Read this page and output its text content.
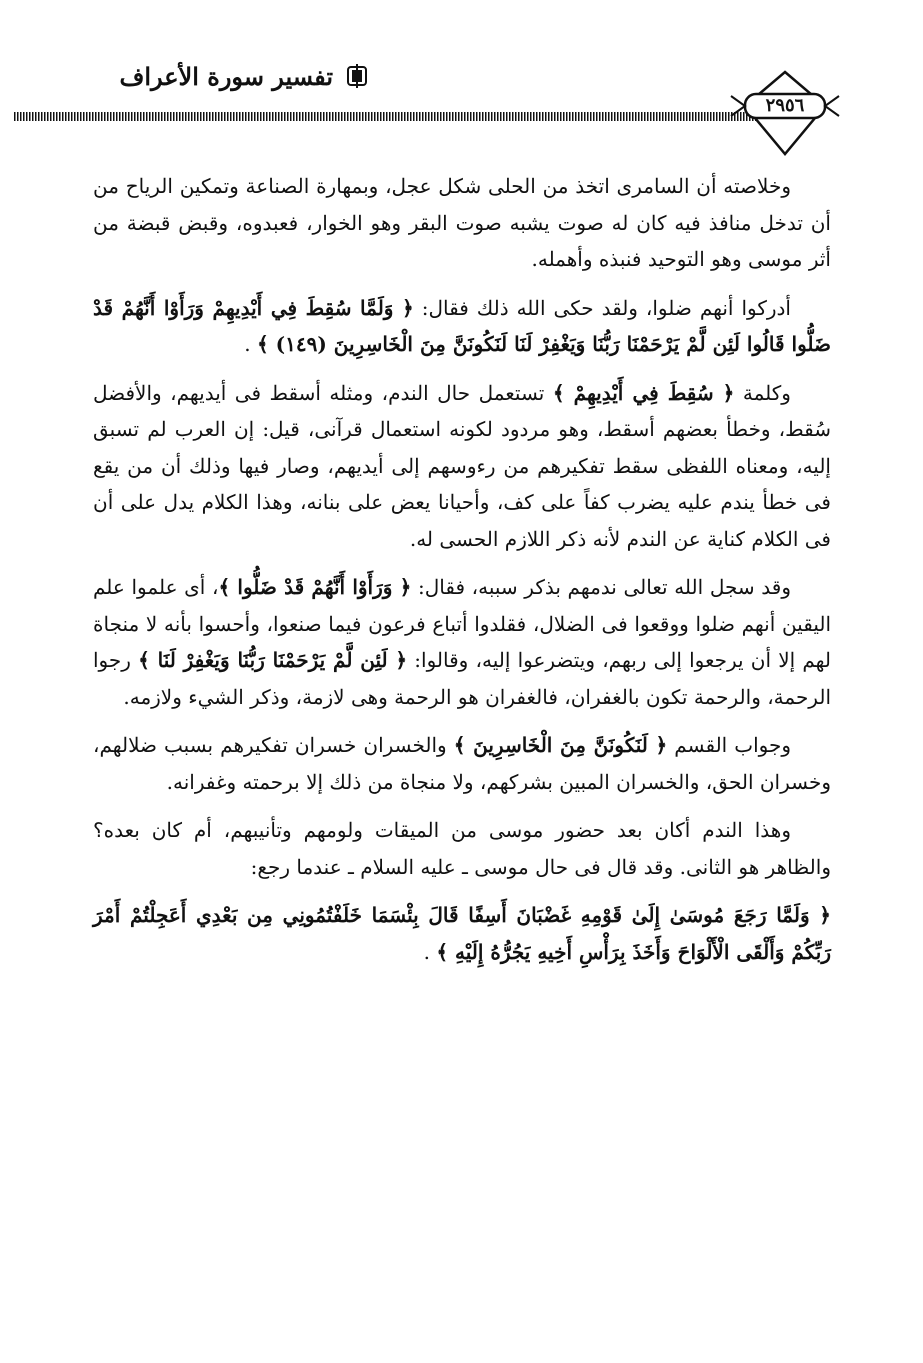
تفسير سورة الأعراف
٢٩٥٦

وخلاصته أن السامرى اتخذ من الحلى شكل عجل، وبمهارة الصناعة وتمكين الرياح من أن تدخل منافذ فيه كان له صوت يشبه صوت البقر وهو الخوار، فعبدوه، وقبض قبضة من أثر موسى وهو التوحيد فنبذه وأهمله.

أدركوا أنهم ضلوا، ولقد حكى الله ذلك فقال: ﴿ وَلَمَّا سُقِطَ فِي أَيْدِيهِمْ وَرَأَوْا أَنَّهُمْ قَدْ ضَلُّوا قَالُوا لَئِن لَّمْ يَرْحَمْنَا رَبُّنَا وَيَغْفِرْ لَنَا لَنَكُونَنَّ مِنَ الْخَاسِرِينَ (١٤٩) ﴾ .

وكلمة ﴿ سُقِطَ فِي أَيْدِيهِمْ ﴾ تستعمل حال الندم، ومثله أسقط فى أيديهم، والأفضل سُقط، وخطأ بعضهم أسقط، وهو مردود لكونه استعمال قرآنى، قيل: إن العرب لم تسبق إليه، ومعناه اللفظى سقط تفكيرهم من رءوسهم إلى أيديهم، وصار فيها وذلك أن من يقع فى خطأ يندم عليه يضرب كفاً على كف، وأحيانا يعض على بنانه، وهذا الكلام يدل على أن فى الكلام كناية عن الندم لأنه ذكر اللازم الحسى له.

وقد سجل الله تعالى ندمهم بذكر سببه، فقال: ﴿ وَرَأَوْا أَنَّهُمْ قَدْ ضَلُّوا ﴾، أى علموا علم اليقين أنهم ضلوا ووقعوا فى الضلال، فقلدوا أتباع فرعون فيما صنعوا، وأحسوا بأنه لا منجاة لهم إلا أن يرجعوا إلى ربهم، ويتضرعوا إليه، وقالوا: ﴿ لَئِن لَّمْ يَرْحَمْنَا رَبُّنَا وَيَغْفِرْ لَنَا ﴾ رجوا الرحمة، والرحمة تكون بالغفران، فالغفران هو الرحمة وهى لازمة، وذكر الشيء ولازمه.

وجواب القسم ﴿ لَنَكُونَنَّ مِنَ الْخَاسِرِينَ ﴾ والخسران خسران تفكيرهم بسبب ضلالهم، وخسران الحق، والخسران المبين بشركهم، ولا منجاة من ذلك إلا برحمته وغفرانه.

وهذا الندم أكان بعد حضور موسى من الميقات ولومهم وتأنيبهم، أم كان بعده؟ والظاهر هو الثانى. وقد قال فى حال موسى ـ عليه السلام ـ عندما رجع:

﴿ وَلَمَّا رَجَعَ مُوسَىٰ إِلَىٰ قَوْمِهِ غَضْبَانَ أَسِفًا قَالَ بِئْسَمَا خَلَفْتُمُونِي مِن بَعْدِي أَعَجِلْتُمْ أَمْرَ رَبِّكُمْ وَأَلْقَى الْأَلْوَاحَ وَأَخَذَ بِرَأْسِ أَخِيهِ يَجُرُّهُ إِلَيْهِ ﴾ .
